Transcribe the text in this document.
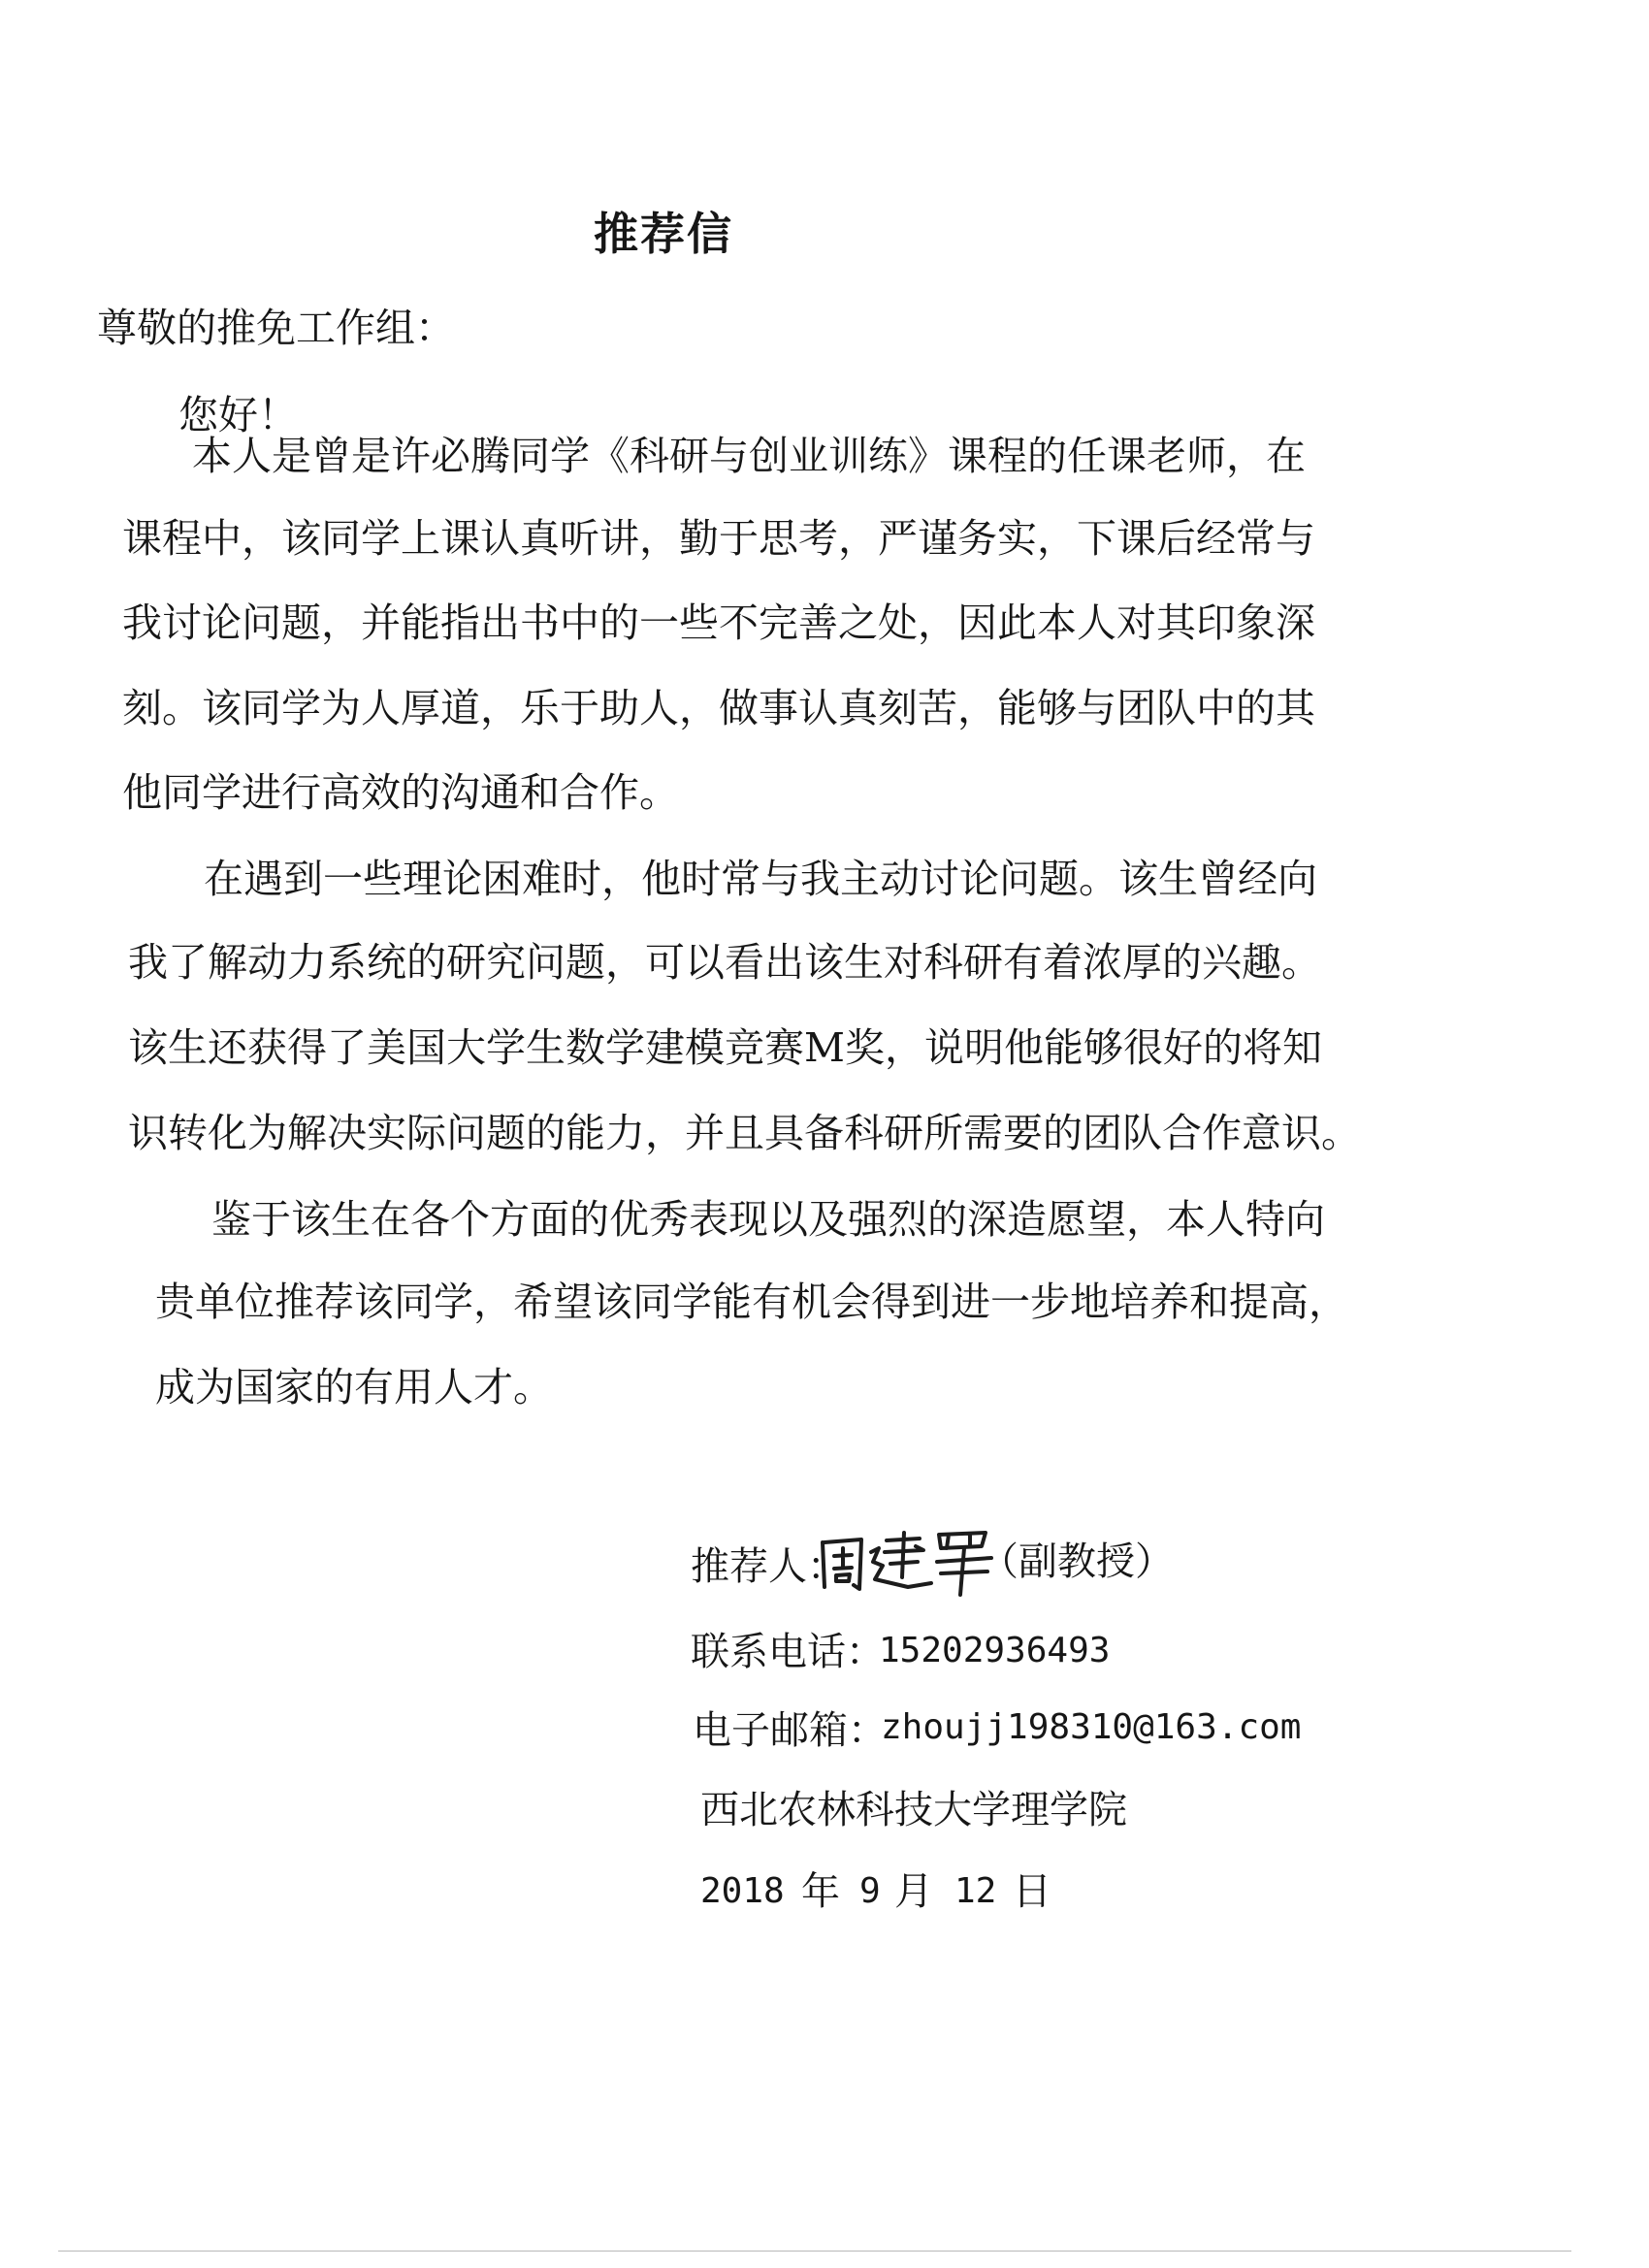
推荐信

尊敬的推免工作组：

您好！

本人是曾是许必腾同学《科研与创业训练》课程的任课老师，在

课程中，该同学上课认真听讲，勤于思考，严谨务实，下课后经常与

我讨论问题，并能指出书中的一些不完善之处，因此本人对其印象深

刻。该同学为人厚道，乐于助人，做事认真刻苦，能够与团队中的其

他同学进行高效的沟通和合作。

在遇到一些理论困难时，他时常与我主动讨论问题。该生曾经向

我了解动力系统的研究问题，可以看出该生对科研有着浓厚的兴趣。

该生还获得了美国大学生数学建模竞赛M奖，说明他能够很好的将知

识转化为解决实际问题的能力，并且具备科研所需要的团队合作意识。

鉴于该生在各个方面的优秀表现以及强烈的深造愿望，本人特向

贵单位推荐该同学，希望该同学能有机会得到进一步地培养和提高，

成为国家的有用人才。

推荐人：	（副教授）
联系电话：
15202936493
电子邮箱：
zhoujj198310@163.com
西北农林科技大学理学院
2018 年 9 月 12 日
